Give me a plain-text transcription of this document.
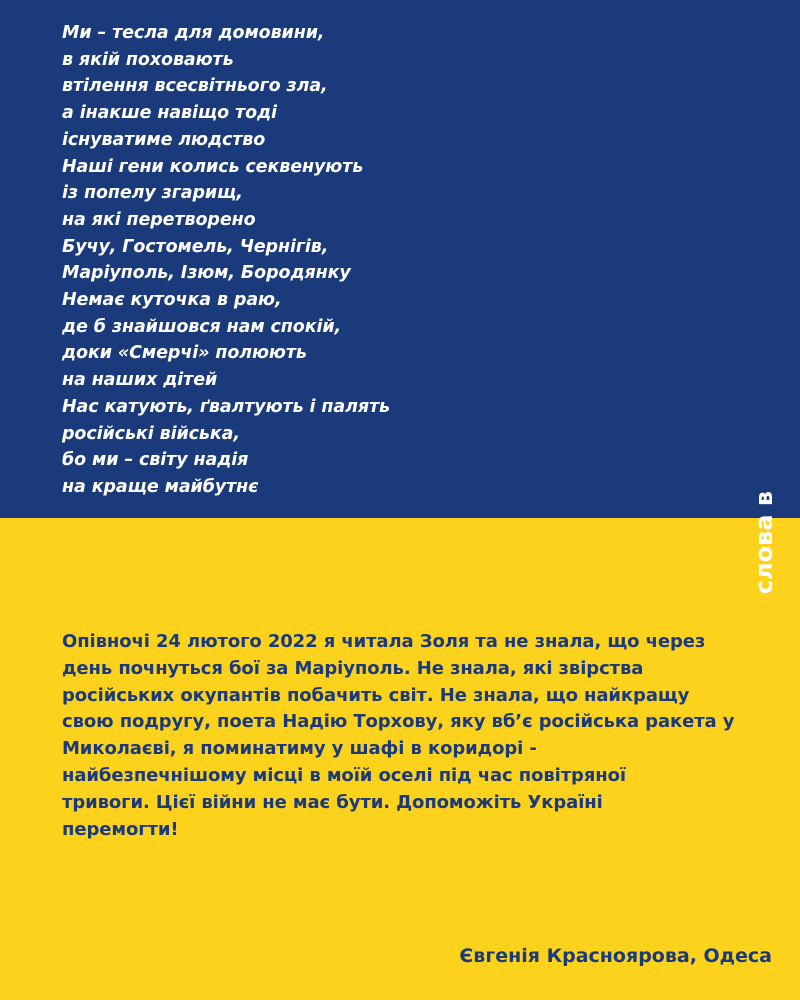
Ми – тесла для домовини,
в якій поховають
втілення всесвітнього зла,
а інакше навіщо тоді
існуватиме людство
Наші гени колись секвенують
із попелу згарищ,
на які перетворено
Бучу, Гостомель, Чернігів,
Маріуполь, Ізюм, Бородянку
Немає куточка в раю,
де б знайшовся нам спокій,
доки «Смерчі» полюють
на наших дітей
Нас катують, ґвалтують і палять
російські війська,
бо ми – світу надія
на краще майбутнє
слова вdipo

Опівночі 24 лютого 2022 я читала Золя та не знала, що через
день почнуться бої за Маріуполь. Не знала, які звірства
російських окупантів побачить світ. Не знала, що найкращу
свою подругу, поета Надію Торхову, яку вб’є російська ракета у
Миколаєві, я поминатиму у шафі в коридорі -
найбезпечнішому місці в моїй оселі під час повітряної
тривоги. Цієї війни не має бути. Допоможіть Україні
перемогти!

Євгенія Краснoярова, Одеса
